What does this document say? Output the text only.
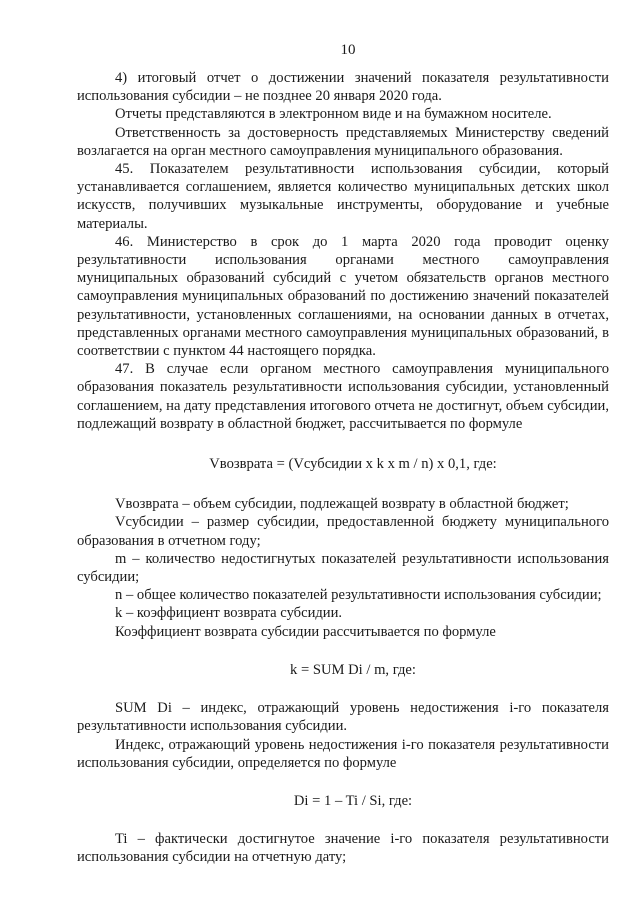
10

4) итоговый отчет о достижении значений показателя результативности использования субсидии – не позднее 20 января 2020 года.

Отчеты представляются в электронном виде и на бумажном носителе.

Ответственность за достоверность представляемых Министерству сведений возлагается на орган местного самоуправления муниципального образования.

45. Показателем результативности использования субсидии, который устанавливается соглашением, является количество муниципальных детских школ искусств, получивших музыкальные инструменты, оборудование и учебные материалы.

46. Министерство в срок до 1 марта 2020 года проводит оценку результативности использования органами местного самоуправления муниципальных образований субсидий с учетом обязательств органов местного самоуправления муниципальных образований по достижению значений показателей результативности, установленных соглашениями, на основании данных в отчетах, представленных органами местного самоуправления муниципальных образований, в соответствии с пунктом 44 настоящего порядка.

47. В случае если органом местного самоуправления муниципального образования показатель результативности использования субсидии, установленный соглашением, на дату представления итогового отчета не достигнут, объем субсидии, подлежащий возврату в областной бюджет, рассчитывается по формуле

Vвозврата = (Vсубсидии x k x m / n) x 0,1, где:

Vвозврата – объем субсидии, подлежащей возврату в областной бюджет;

Vсубсидии – размер субсидии, предоставленной бюджету муниципального образования в отчетном году;

m – количество недостигнутых показателей результативности использования субсидии;

n – общее количество показателей результативности использования субсидии;

k – коэффициент возврата субсидии.

Коэффициент возврата субсидии рассчитывается по формуле

k = SUM Di / m, где:

SUM Di – индекс, отражающий уровень недостижения i-го показателя результативности использования субсидии.

Индекс, отражающий уровень недостижения i-го показателя результативности использования субсидии, определяется по формуле

Di = 1 – Ti / Si, где:

Ti – фактически достигнутое значение i-го показателя результативности использования субсидии на отчетную дату;
